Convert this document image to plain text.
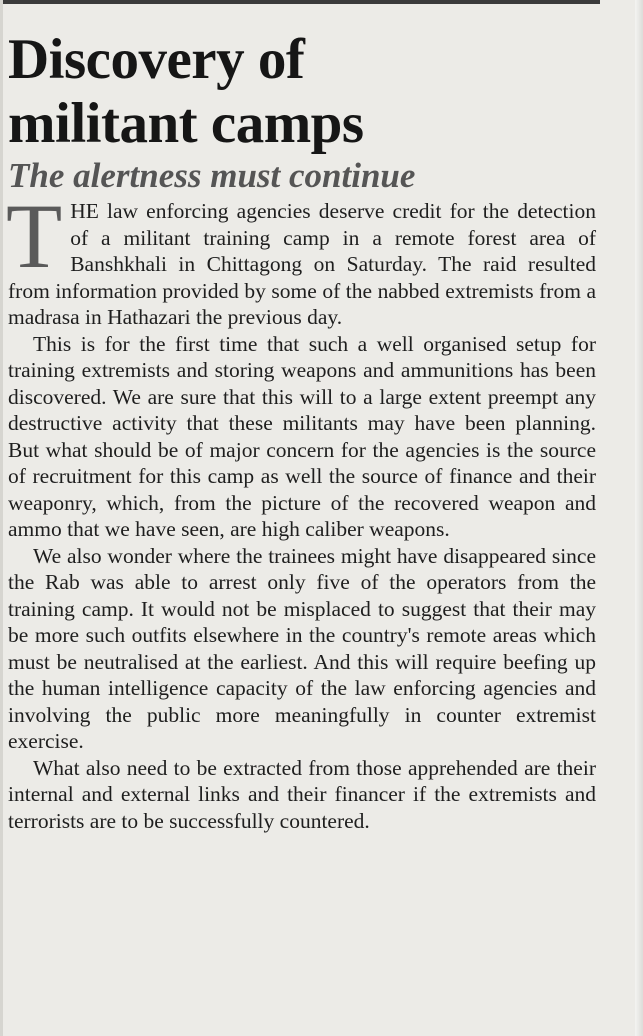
Discovery of
militant camps
The alertness must continue

THE law enforcing agencies deserve credit for the detection of a militant training camp in a remote forest area of Banshkhali in Chittagong on Saturday. The raid resulted from information provided by some of the nabbed extremists from a madrasa in Hathazari the previous day.

This is for the first time that such a well organised setup for training extremists and storing weapons and ammunitions has been discovered. We are sure that this will to a large extent preempt any destructive activity that these militants may have been planning. But what should be of major concern for the agencies is the source of recruitment for this camp as well the source of finance and their weaponry, which, from the picture of the recovered weapon and ammo that we have seen, are high caliber weapons.

We also wonder where the trainees might have disappeared since the Rab was able to arrest only five of the operators from the training camp. It would not be misplaced to suggest that their may be more such outfits elsewhere in the country's remote areas which must be neutralised at the earliest. And this will require beefing up the human intelligence capacity of the law enforcing agencies and involving the public more meaningfully in counter extremist exercise.

What also need to be extracted from those apprehended are their internal and external links and their financer if the extremists and terrorists are to be successfully countered.
